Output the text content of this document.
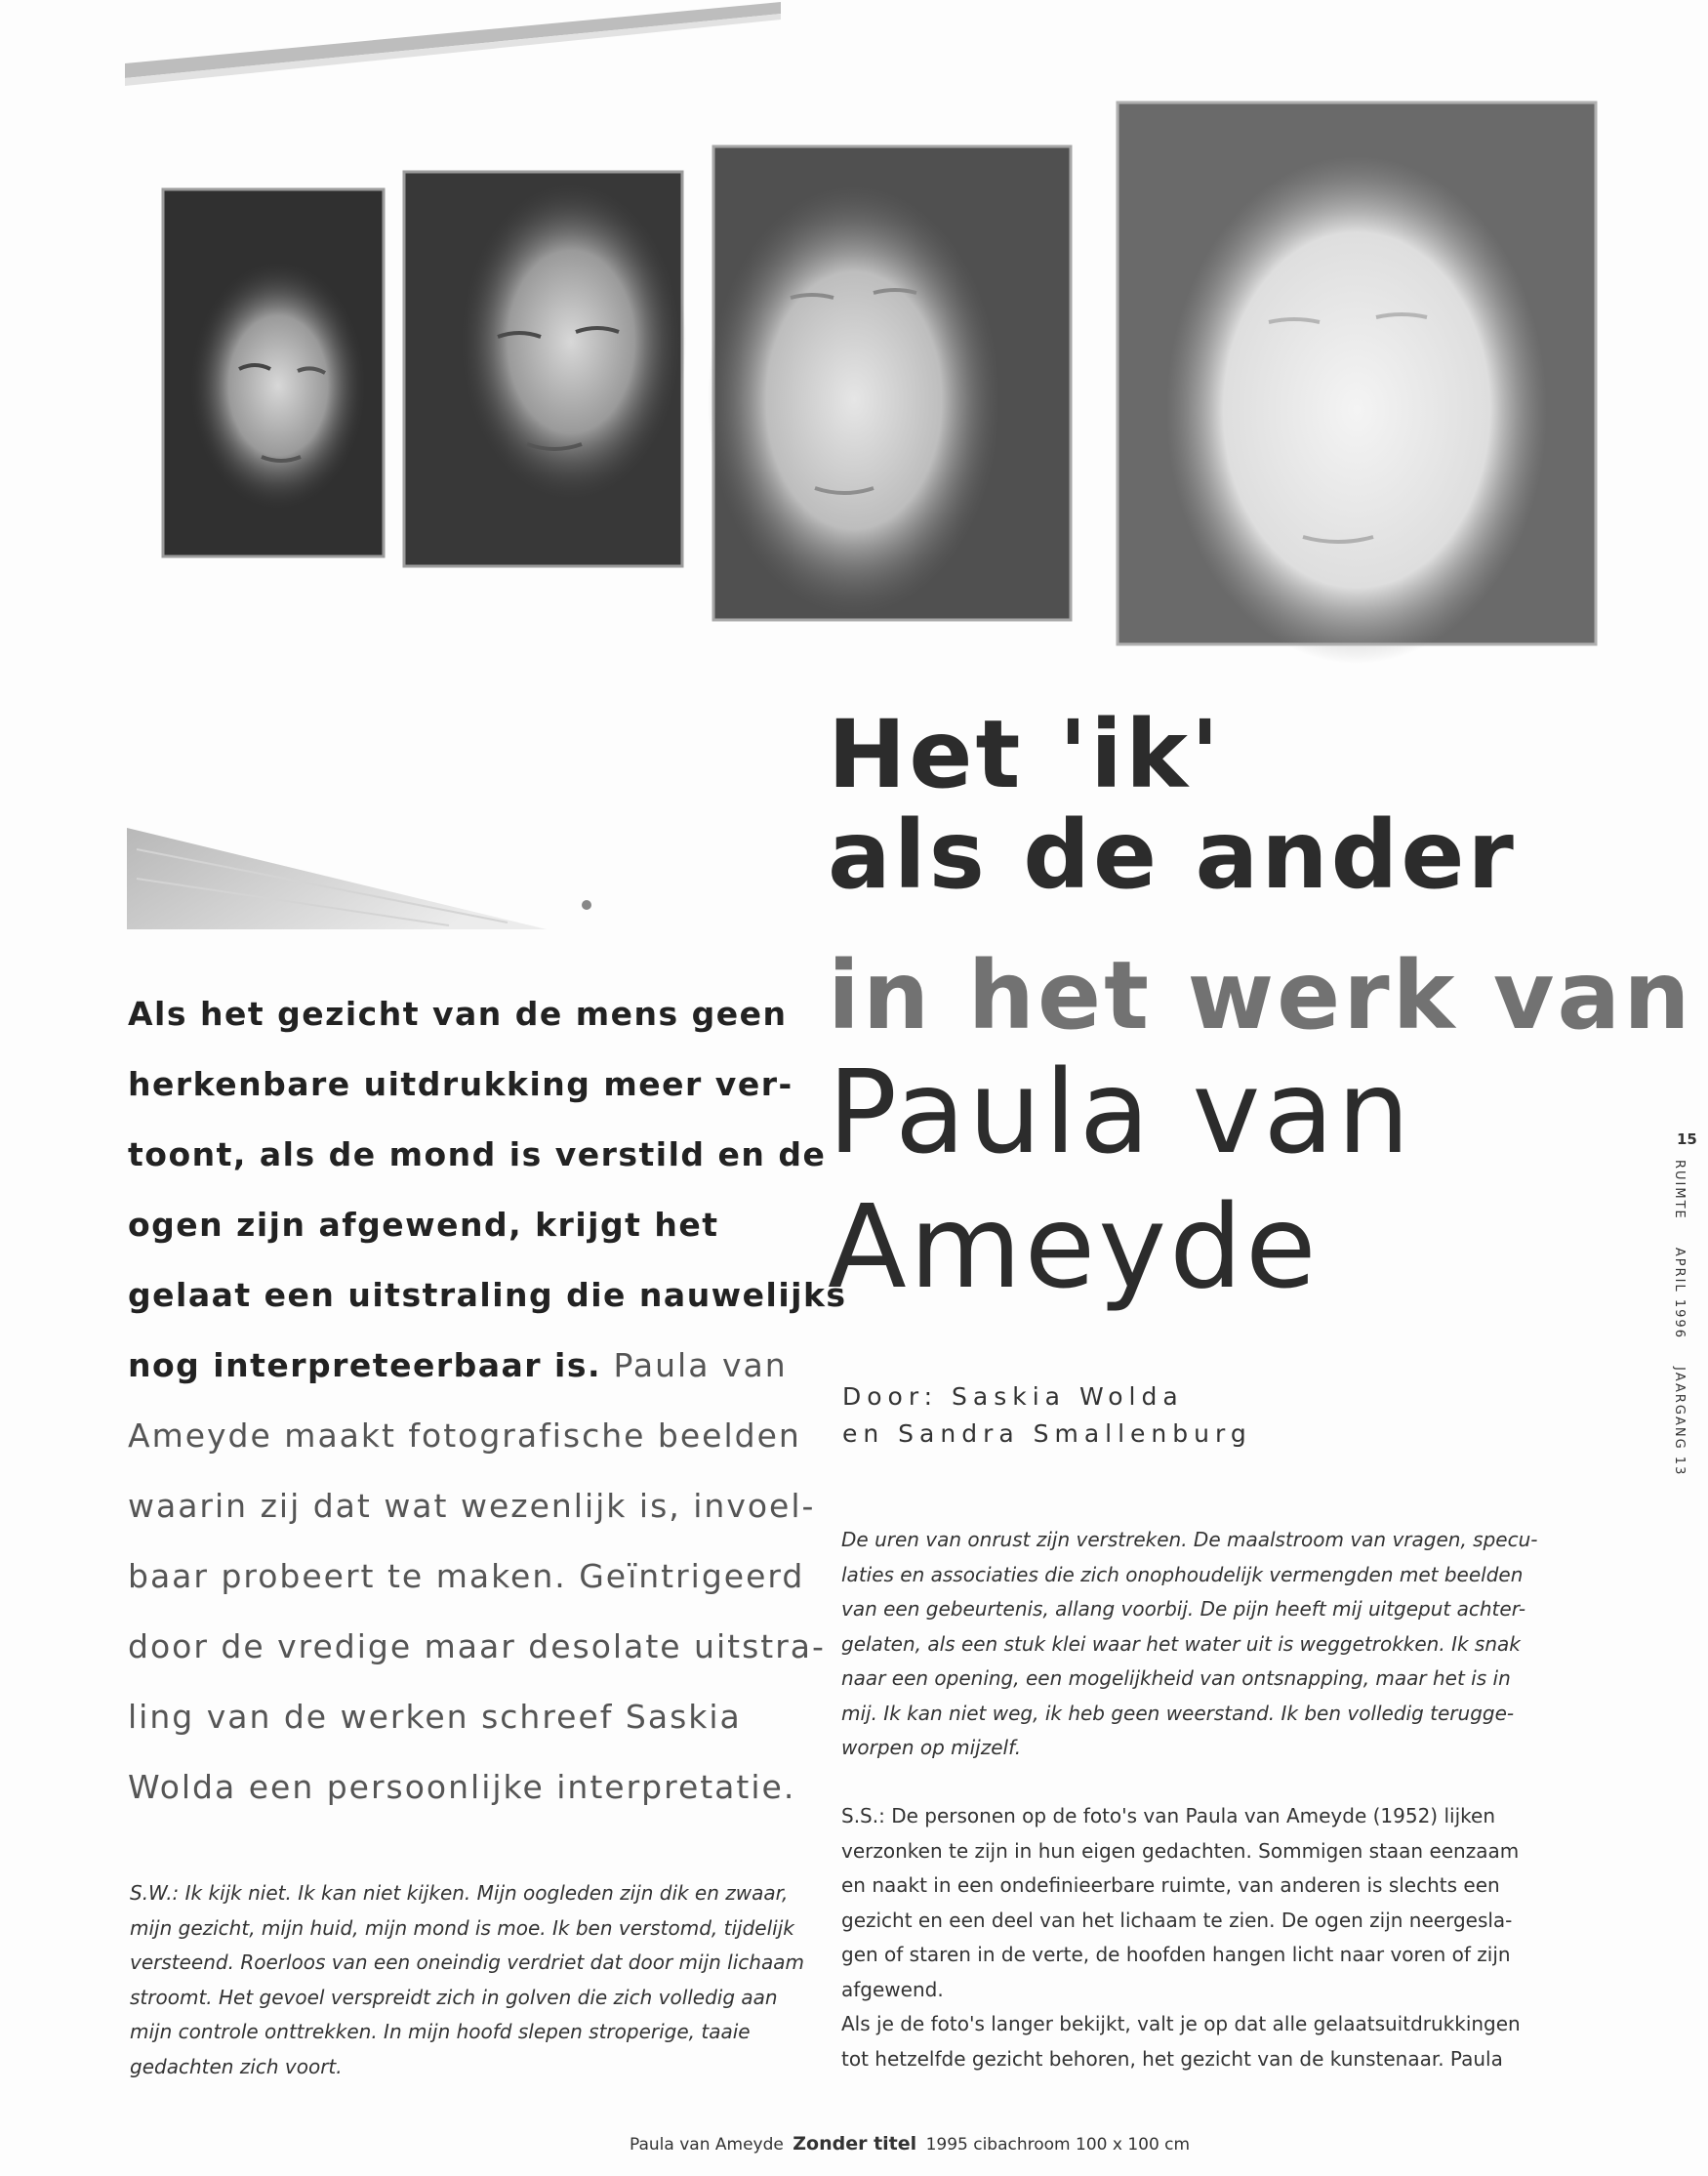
Het 'ik'
als de ander
in het werk van
Paula van
Ameyde
Door: Saskia Wolda
en Sandra Smallenburg
Als het gezicht van de mens geen
herkenbare uitdrukking meer ver-
toont, als de mond is verstild en de
ogen zijn afgewend, krijgt het
gelaat een uitstraling die nauwelijks
nog interpreteerbaar is. Paula van
Ameyde maakt fotografische beelden
waarin zij dat wat wezenlijk is, invoel-
baar probeert te maken. Geïntrigeerd
door de vredige maar desolate uitstra-
ling van de werken schreef Saskia
Wolda een persoonlijke interpretatie.
S.W.: Ik kijk niet. Ik kan niet kijken. Mijn oogleden zijn dik en zwaar,
mijn gezicht, mijn huid, mijn mond is moe. Ik ben verstomd, tijdelijk
versteend. Roerloos van een oneindig verdriet dat door mijn lichaam
stroomt. Het gevoel verspreidt zich in golven die zich volledig aan
mijn controle onttrekken. In mijn hoofd slepen stroperige, taaie
gedachten zich voort.
De uren van onrust zijn verstreken. De maalstroom van vragen, specu-
laties en associaties die zich onophoudelijk vermengden met beelden
van een gebeurtenis, allang voorbij. De pijn heeft mij uitgeput achter-
gelaten, als een stuk klei waar het water uit is weggetrokken. Ik snak
naar een opening, een mogelijkheid van ontsnapping, maar het is in
mij. Ik kan niet weg, ik heb geen weerstand. Ik ben volledig terugge-
worpen op mijzelf.
S.S.: De personen op de foto's van Paula van Ameyde (1952) lijken
verzonken te zijn in hun eigen gedachten. Sommigen staan eenzaam
en naakt in een ondefinieerbare ruimte, van anderen is slechts een
gezicht en een deel van het lichaam te zien. De ogen zijn neergesla-
gen of staren in de verte, de hoofden hangen licht naar voren of zijn
afgewend.
Als je de foto's langer bekijkt, valt je op dat alle gelaatsuitdrukkingen
tot hetzelfde gezicht behoren, het gezicht van de kunstenaar. Paula
15
RUIMTE APRIL 1996 JAARGANG 13
Paula van Ameyde Zonder titel 1995 cibachroom 100 x 100 cm
